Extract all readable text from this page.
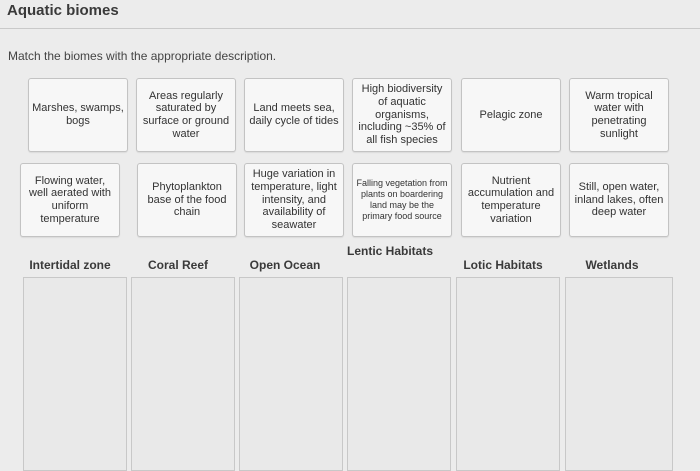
Aquatic biomes
Match the biomes with the appropriate description.
Marshes, swamps, bogs
Areas regularly saturated by surface or ground water
Land meets sea, daily cycle of tides
High biodiversity of aquatic organisms, including ~35% of all fish species
Pelagic zone
Warm tropical water with penetrating sunlight
Flowing water, well aerated with uniform temperature
Phytoplankton base of the food chain
Huge variation in temperature, light intensity, and availability of seawater
Falling vegetation from plants on boardering land may be the primary food source
Nutrient accumulation and temperature variation
Still, open water, inland lakes, often deep water
Intertidal zone	Coral Reef	Open Ocean
Lentic Habitats
Lotic Habitats	Wetlands
